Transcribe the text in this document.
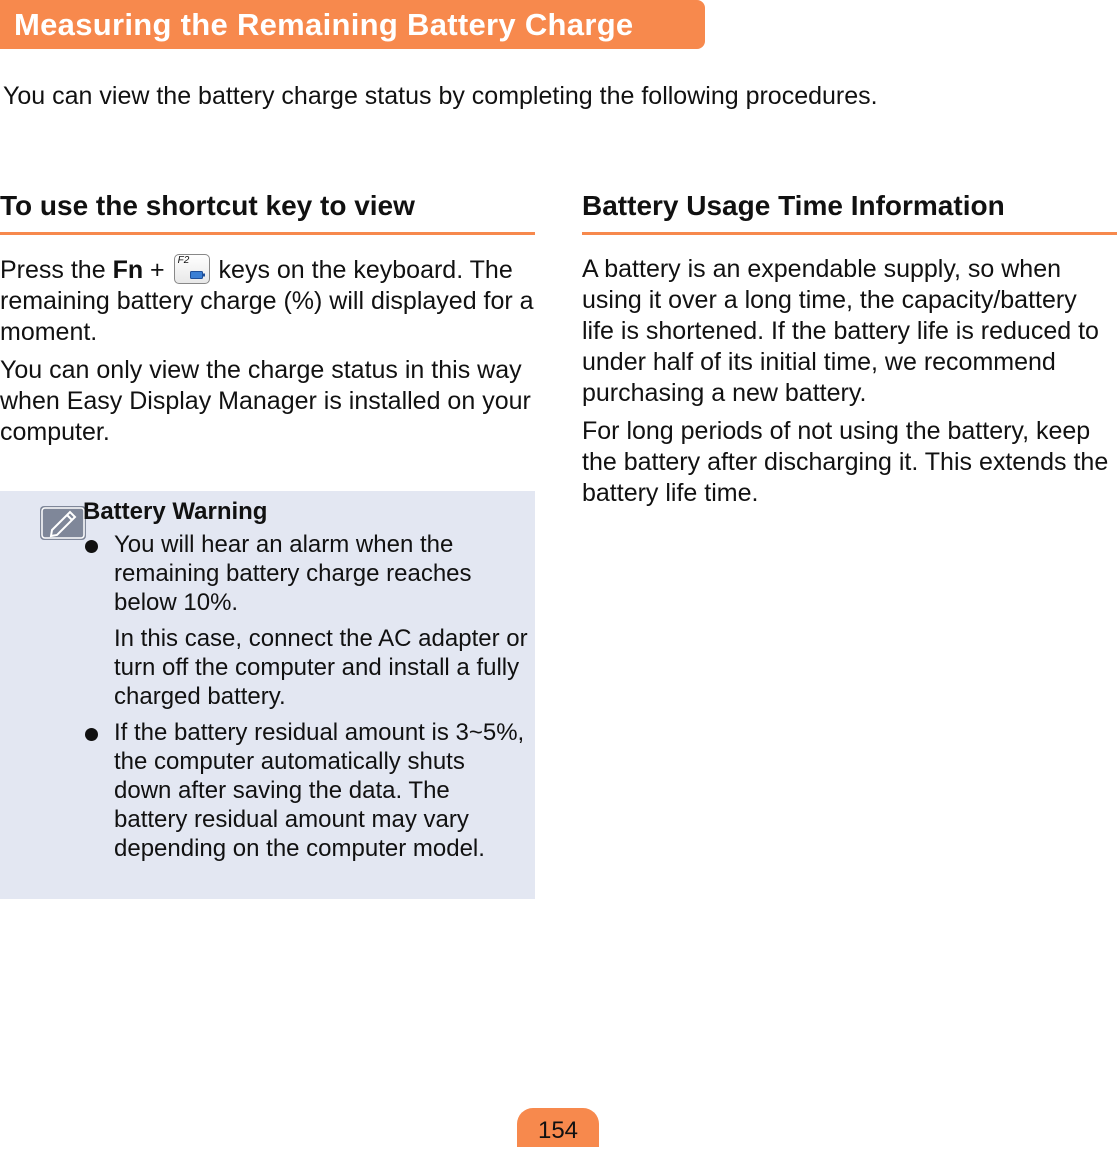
Measuring the Remaining Battery Charge

You can view the battery charge status by completing the following procedures.

To use the shortcut key to view

Press the Fn + F2 keys on the keyboard. The remaining battery charge (%) will displayed for a moment.

You can only view the charge status in this way when Easy Display Manager is installed on your computer.

Battery Warning

You will hear an alarm when the remaining battery charge reaches below 10%.

In this case, connect the AC adapter or turn off the computer and install a fully charged battery.

If the battery residual amount is 3~5%, the computer automatically shuts down after saving the data. The battery residual amount may vary depending on the computer model.

Battery Usage Time Information

A battery is an expendable supply, so when using it over a long time, the capacity/battery life is shortened. If the battery life is reduced to under half of its initial time, we recommend purchasing a new battery.

For long periods of not using the battery, keep the battery after discharging it. This extends the battery life time.

154
